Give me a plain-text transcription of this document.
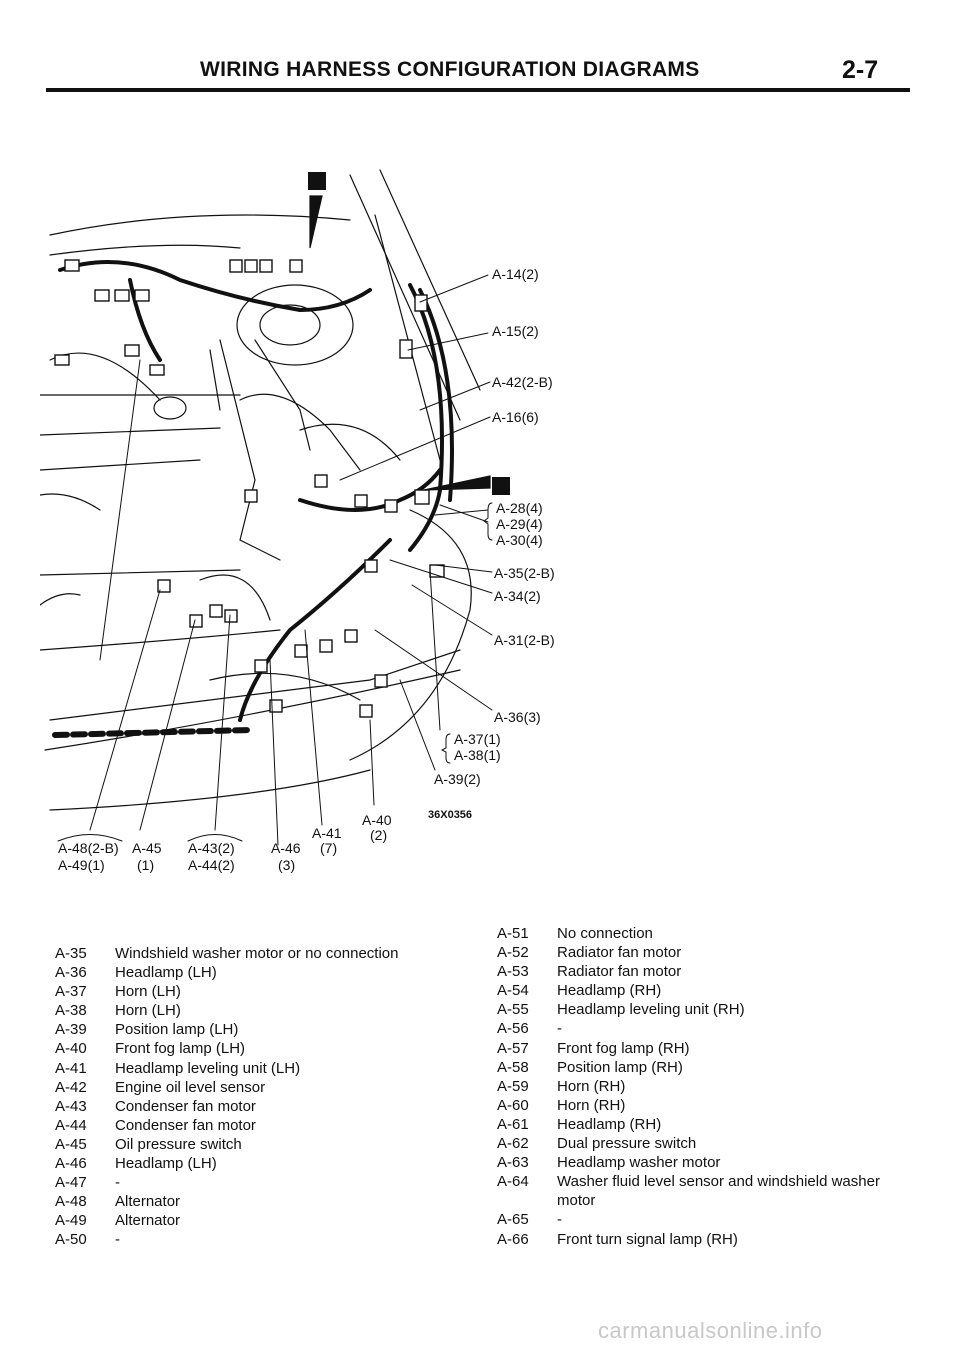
WIRING HARNESS CONFIGURATION DIAGRAMS	2-7
20
14
A-14(2)
A-15(2)
A-42(2-B)
A-16(6)
A-28(4)
A-29(4)
A-30(4)
A-35(2-B)
A-34(2)
A-31(2-B)
A-36(3)
A-37(1)
A-38(1)
A-39(2)
36X0356
A-40
(2)
A-41
A-48(2-B) A-45 A-43(2)	A-46 (7)
A-49(1) (1) A-44(2)	(3)
A-35	Windshield washer motor or no connection
A-36	Headlamp (LH)
A-37	Horn (LH)
A-38	Horn (LH)
A-39	Position lamp (LH)
A-40	Front fog lamp (LH)
A-41	Headlamp leveling unit (LH)
A-42	Engine oil level sensor
A-43	Condenser fan motor
A-44	Condenser fan motor
A-45	Oil pressure switch
A-46	Headlamp (LH)
A-47	-
A-48	Alternator
A-49	Alternator
A-50	-
A-51	No connection
A-52	Radiator fan motor
A-53	Radiator fan motor
A-54	Headlamp (RH)
A-55	Headlamp leveling unit (RH)
A-56	-
A-57	Front fog lamp (RH)
A-58	Position lamp (RH)
A-59	Horn (RH)
A-60	Horn (RH)
A-61	Headlamp (RH)
A-62	Dual pressure switch
A-63	Headlamp washer motor
A-64	Washer fluid level sensor and windshield washer motor
A-65	-
A-66	Front turn signal lamp (RH)
carmanualsonline.info
